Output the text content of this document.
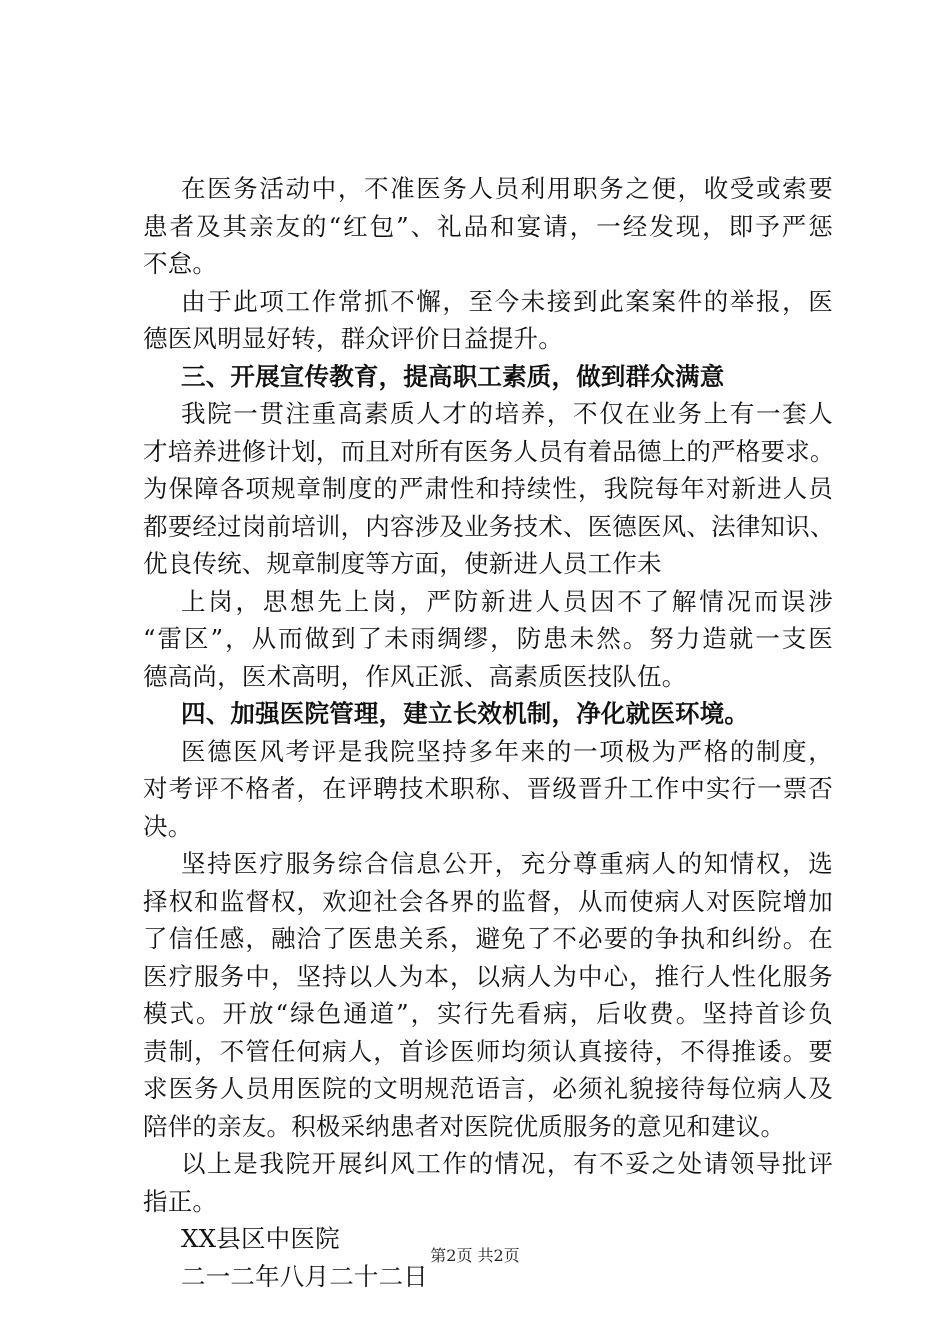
在医务活动中，不准医务人员利用职务之便，收受或索要
患者及其亲友的“红包”、礼品和宴请，一经发现，即予严惩
不怠。
由于此项工作常抓不懈，至今未接到此案案件的举报，医
德医风明显好转，群众评价日益提升。
三、开展宣传教育，提高职工素质，做到群众满意
我院一贯注重高素质人才的培养，不仅在业务上有一套人
才培养进修计划，而且对所有医务人员有着品德上的严格要求。
为保障各项规章制度的严肃性和持续性，我院每年对新进人员
都要经过岗前培训，内容涉及业务技术、医德医风、法律知识、
优良传统、规章制度等方面，使新进人员工作未
上岗，思想先上岗，严防新进人员因不了解情况而误涉
“雷区”，从而做到了未雨绸缪，防患未然。努力造就一支医
德高尚，医术高明，作风正派、高素质医技队伍。
四、加强医院管理，建立长效机制，净化就医环境。
医德医风考评是我院坚持多年来的一项极为严格的制度，
对考评不格者，在评聘技术职称、晋级晋升工作中实行一票否
决。
坚持医疗服务综合信息公开，充分尊重病人的知情权，选
择权和监督权，欢迎社会各界的监督，从而使病人对医院增加
了信任感，融洽了医患关系，避免了不必要的争执和纠纷。在
医疗服务中，坚持以人为本，以病人为中心，推行人性化服务
模式。开放“绿色通道”，实行先看病，后收费。坚持首诊负
责制，不管任何病人，首诊医师均须认真接待，不得推诿。要
求医务人员用医院的文明规范语言，必须礼貌接待每位病人及
陪伴的亲友。积极采纳患者对医院优质服务的意见和建议。
以上是我院开展纠风工作的情况，有不妥之处请领导批评
指正。
XX县区中医院
二一二年八月二十二日
第2页 共2页
